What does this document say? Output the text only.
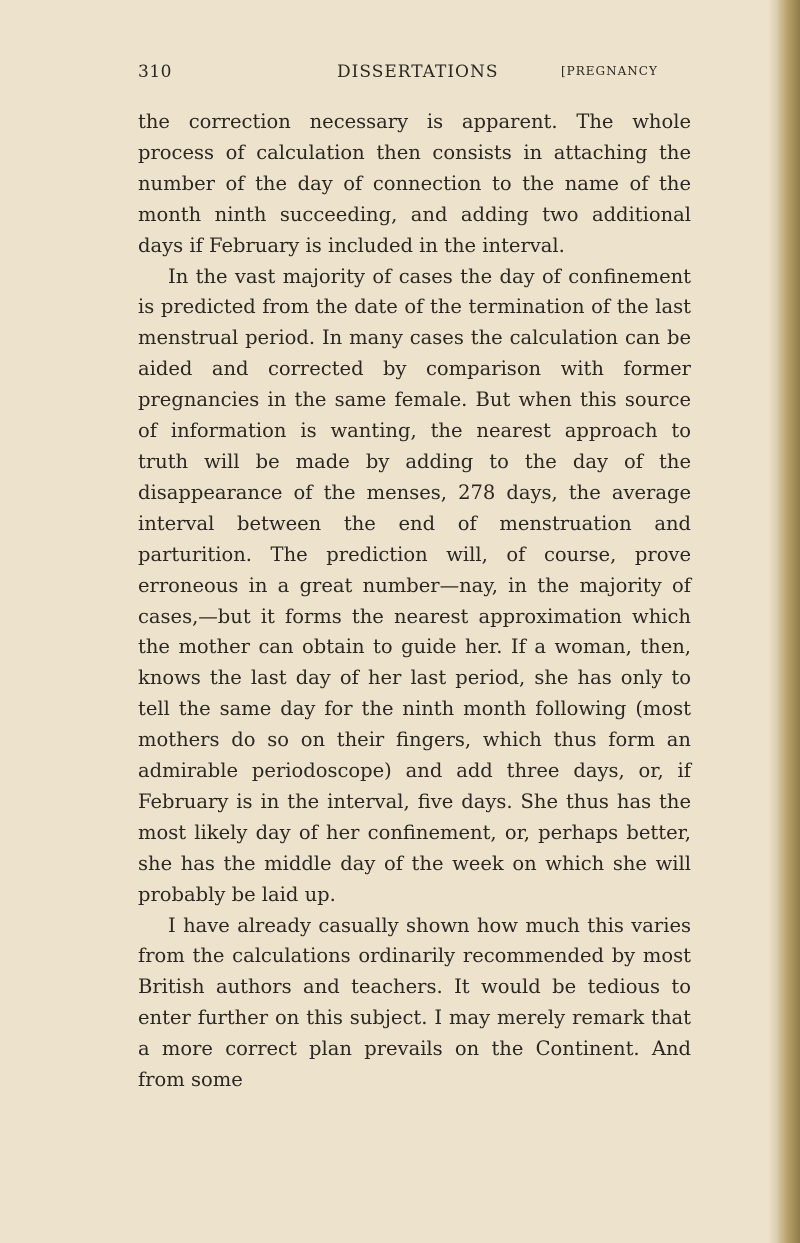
310	DISSERTATIONS	[PREGNANCY

the correction necessary is apparent. The whole process of calculation then consists in attaching the number of the day of connection to the name of the month ninth succeeding, and adding two additional days if February is included in the interval.

In the vast majority of cases the day of confinement is predicted from the date of the termination of the last menstrual period. In many cases the calculation can be aided and corrected by comparison with former pregnancies in the same female. But when this source of information is wanting, the nearest approach to truth will be made by adding to the day of the disappearance of the menses, 278 days, the average interval between the end of menstruation and parturition. The prediction will, of course, prove erroneous in a great number—nay, in the majority of cases,—but it forms the nearest approximation which the mother can obtain to guide her. If a woman, then, knows the last day of her last period, she has only to tell the same day for the ninth month following (most mothers do so on their fingers, which thus form an admirable periodoscope) and add three days, or, if February is in the interval, five days. She thus has the most likely day of her confinement, or, perhaps better, she has the middle day of the week on which she will probably be laid up.

I have already casually shown how much this varies from the calculations ordinarily recommended by most British authors and teachers. It would be tedious to enter further on this subject. I may merely remark that a more correct plan prevails on the Continent. And from some
